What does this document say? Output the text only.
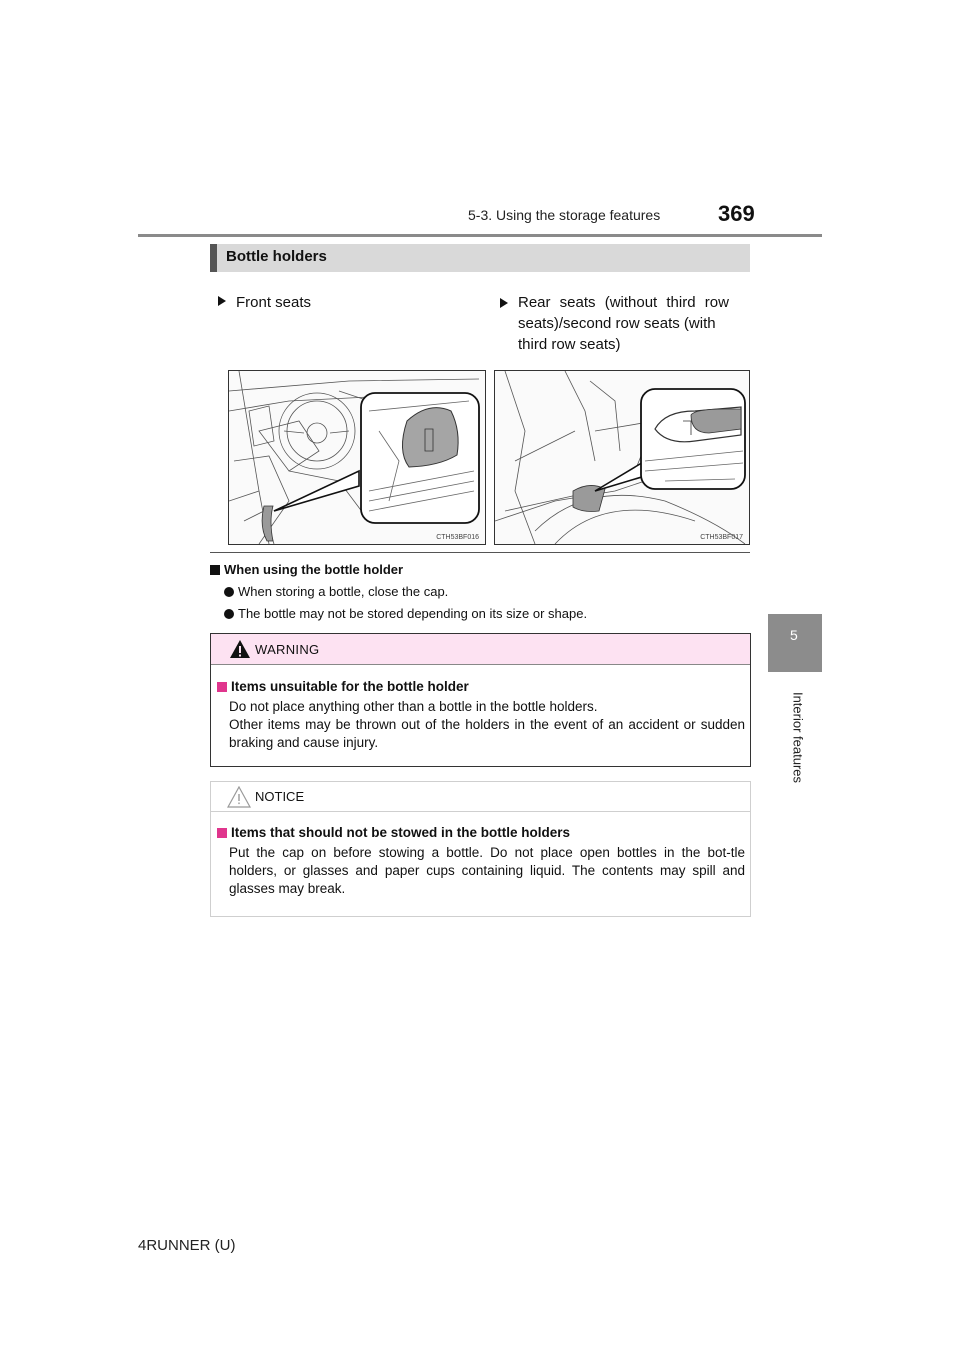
5-3. Using the storage features	369
5
Interior features
Bottle holders
Front seats	Rear seats (without third row
seats)/second row seats (with
third row seats)
CTH53BF016	CTH53BF017
When using the bottle holder
When storing a bottle, close the cap.
The bottle may not be stored depending on its size or shape.
WARNING
Items unsuitable for the bottle holder

Do not place anything other than a bottle in the bottle holders.

Other items may be thrown out of the holders in the event of an accident or sudden braking and cause injury.

NOTICE
Items that should not be stowed in the bottle holders

Put the cap on before stowing a bottle. Do not place open bottles in the bot-tle holders, or glasses and paper cups containing liquid. The contents may spill and glasses may break.

4RUNNER (U)
